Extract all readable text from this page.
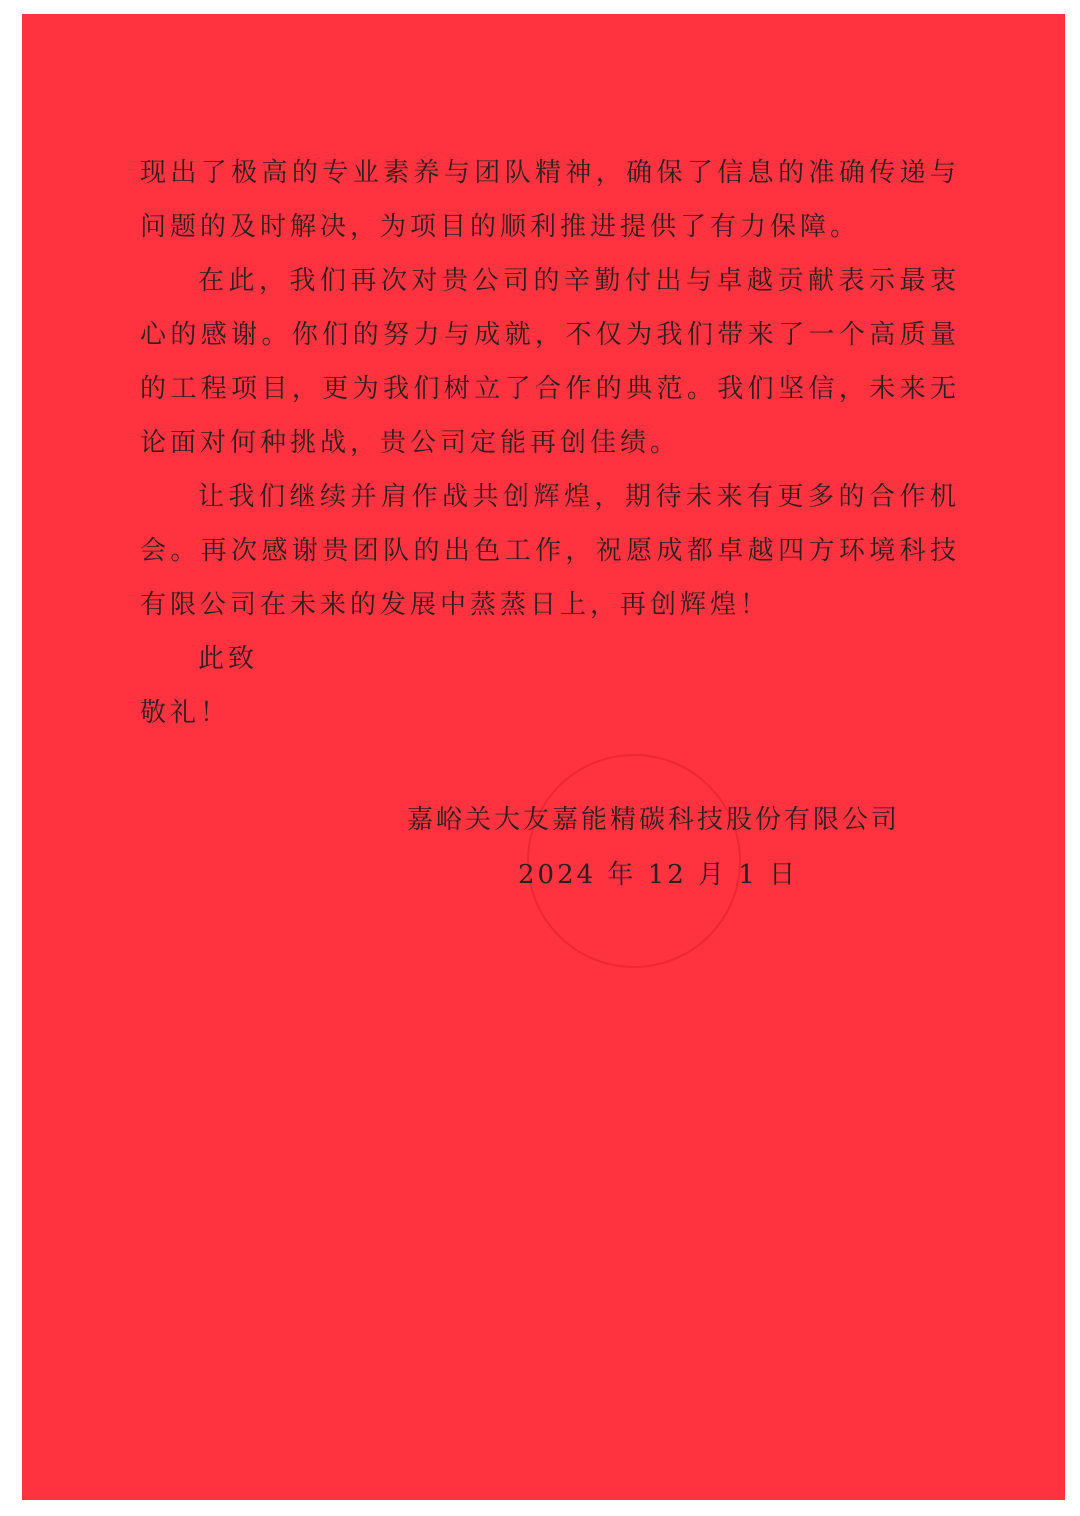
现出了极高的专业素养与团队精神，确保了信息的准确传递与问题的及时解决，为项目的顺利推进提供了有力保障。

在此，我们再次对贵公司的辛勤付出与卓越贡献表示最衷心的感谢。你们的努力与成就，不仅为我们带来了一个高质量的工程项目，更为我们树立了合作的典范。我们坚信，未来无论面对何种挑战，贵公司定能再创佳绩。

让我们继续并肩作战共创辉煌，期待未来有更多的合作机会。再次感谢贵团队的出色工作，祝愿成都卓越四方环境科技有限公司在未来的发展中蒸蒸日上，再创辉煌！

此致

敬礼！

嘉峪关大友嘉能精碳科技股份有限公司
2024 年 12 月 1 日
